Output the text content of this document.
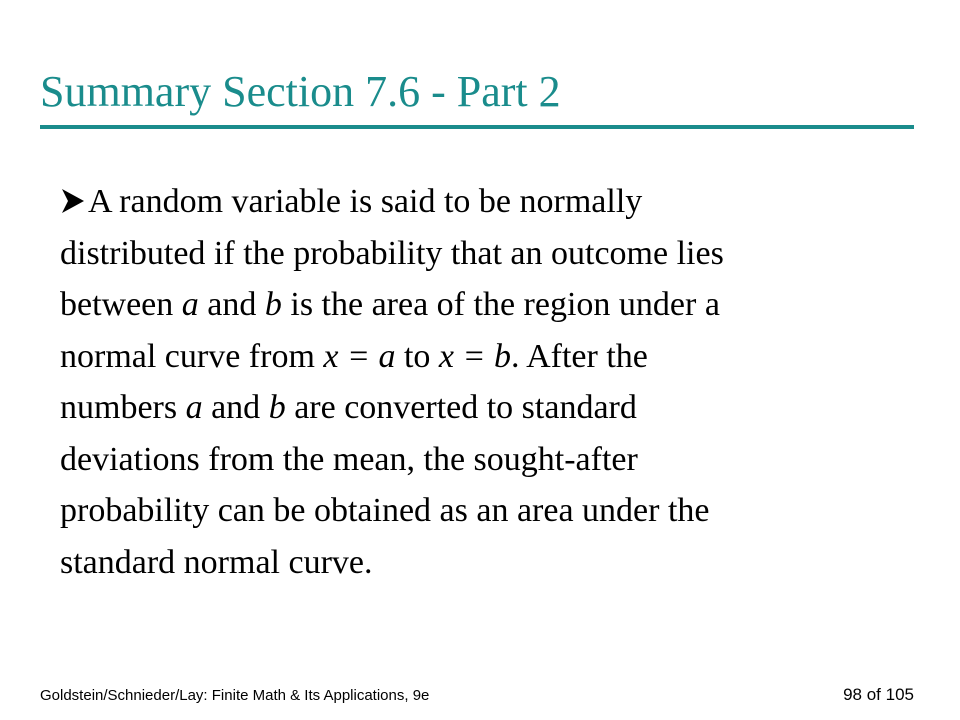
Summary Section 7.6 - Part 2
A random variable is said to be normally
distributed if the probability that an outcome lies
between a and b is the area of the region under a
normal curve from x = a to x = b. After the
numbers a and b are converted to standard
deviations from the mean, the sought-after
probability can be obtained as an area under the
standard normal curve.
Goldstein/Schnieder/Lay: Finite Math & Its Applications, 9e	98 of 105
